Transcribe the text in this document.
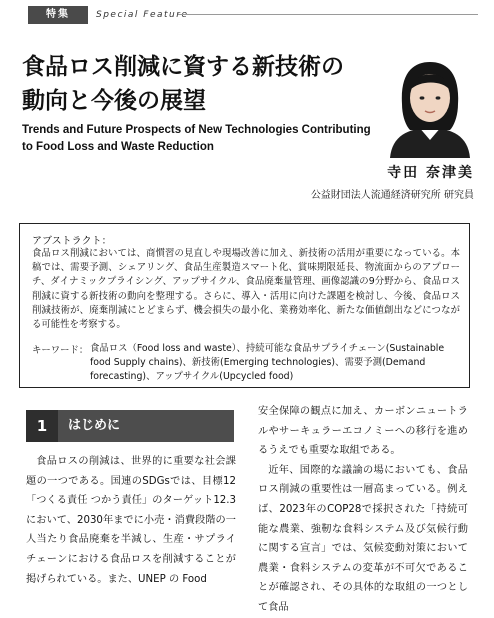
特集	Special Feature
食品ロス削減に資する新技術の
動向と今後の展望
Trends and Future Prospects of New Technologies Contributing to Food Loss and Waste Reduction
寺田 奈津美
公益財団法人流通経済研究所 研究員
アブストラクト：
食品ロス削減においては、商慣習の見直しや現場改善に加え、新技術の活用が重要になっている。本稿では、需要予測、シェアリング、食品生産製造スマート化、賞味期限延長、物流面からのアプローチ、ダイナミックプライシング、アップサイクル、食品廃棄量管理、画像認識の9分野から、食品ロス削減に資する新技術の動向を整理する。さらに、導入・活用に向けた課題を検討し、今後、食品ロス削減技術が、廃棄削減にとどまらず、機会損失の最小化、業務効率化、新たな価値創出などにつながる可能性を考察する。
キーワード： 食品ロス（Food loss and waste）、持続可能な食品サプライチェーン(Sustainable food Supply chains)、新技術(Emerging technologies)、需要予測(Demand forecasting)、アップサイクル(Upcycled food)
1	はじめに
食品ロスの削減は、世界的に重要な社会課題の一つである。国連のSDGsでは、目標12「つくる責任 つかう責任」のターゲット12.3において、2030年までに小売・消費段階の一人当たり食品廃棄を半減し、生産・サプライチェーンにおける食品ロスを削減することが掲げられている。また、UNEP の Food
安全保障の観点に加え、カーボンニュートラルやサーキュラーエコノミーへの移行を進めるうえでも重要な取組である。
近年、国際的な議論の場においても、食品ロス削減の重要性は一層高まっている。例えば、2023年のCOP28で採択された「持続可能な農業、強靭な食料システム及び気候行動に関する宣言」では、気候変動対策において農業・食料システムの変革が不可欠であることが確認され、その具体的な取組の一つとして食品
